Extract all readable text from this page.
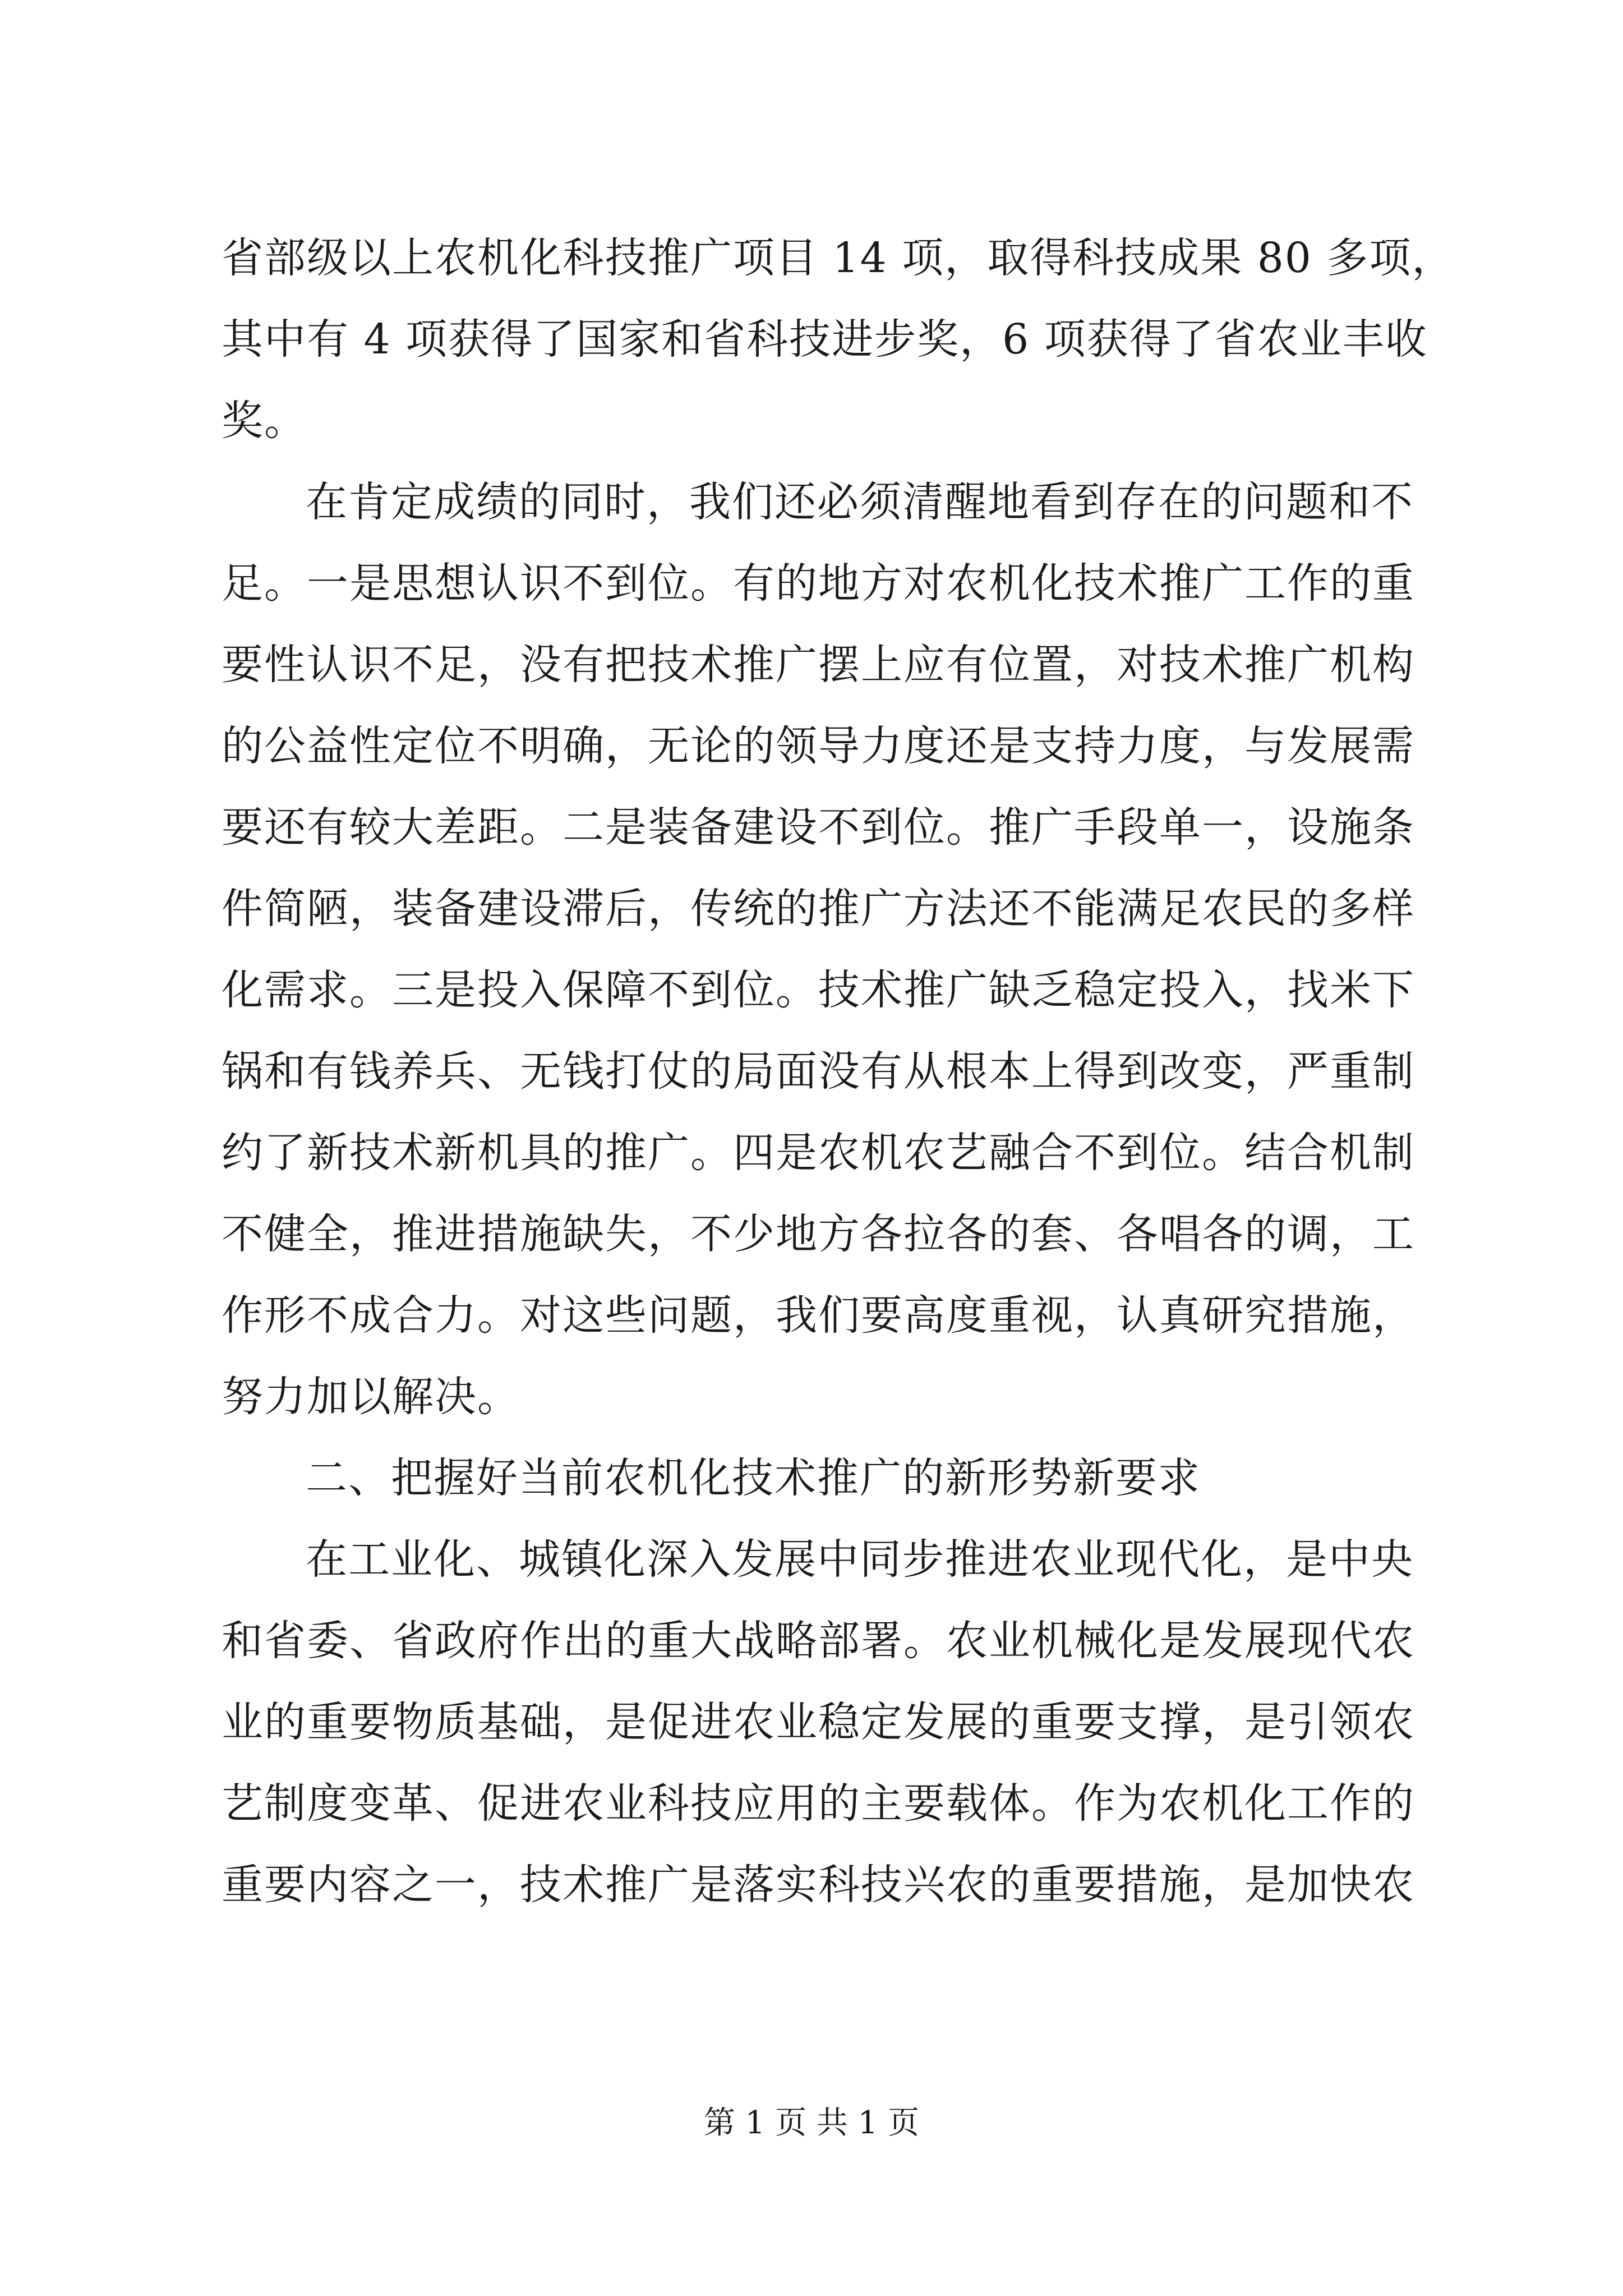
省部级以上农机化科技推广项目 14 项，取得科技成果 80 多项，
其中有 4 项获得了国家和省科技进步奖，6 项获得了省农业丰收
奖。
在肯定成绩的同时，我们还必须清醒地看到存在的问题和不
足。一是思想认识不到位。有的地方对农机化技术推广工作的重
要性认识不足，没有把技术推广摆上应有位置，对技术推广机构
的公益性定位不明确，无论的领导力度还是支持力度，与发展需
要还有较大差距。二是装备建设不到位。推广手段单一，设施条
件简陋，装备建设滞后，传统的推广方法还不能满足农民的多样
化需求。三是投入保障不到位。技术推广缺乏稳定投入，找米下
锅和有钱养兵、无钱打仗的局面没有从根本上得到改变，严重制
约了新技术新机具的推广。四是农机农艺融合不到位。结合机制
不健全，推进措施缺失，不少地方各拉各的套、各唱各的调，工
作形不成合力。对这些问题，我们要高度重视，认真研究措施，
努力加以解决。
二、把握好当前农机化技术推广的新形势新要求
在工业化、城镇化深入发展中同步推进农业现代化，是中央
和省委、省政府作出的重大战略部署。农业机械化是发展现代农
业的重要物质基础，是促进农业稳定发展的重要支撑，是引领农
艺制度变革、促进农业科技应用的主要载体。作为农机化工作的
重要内容之一，技术推广是落实科技兴农的重要措施，是加快农
第 1 页 共 1 页
